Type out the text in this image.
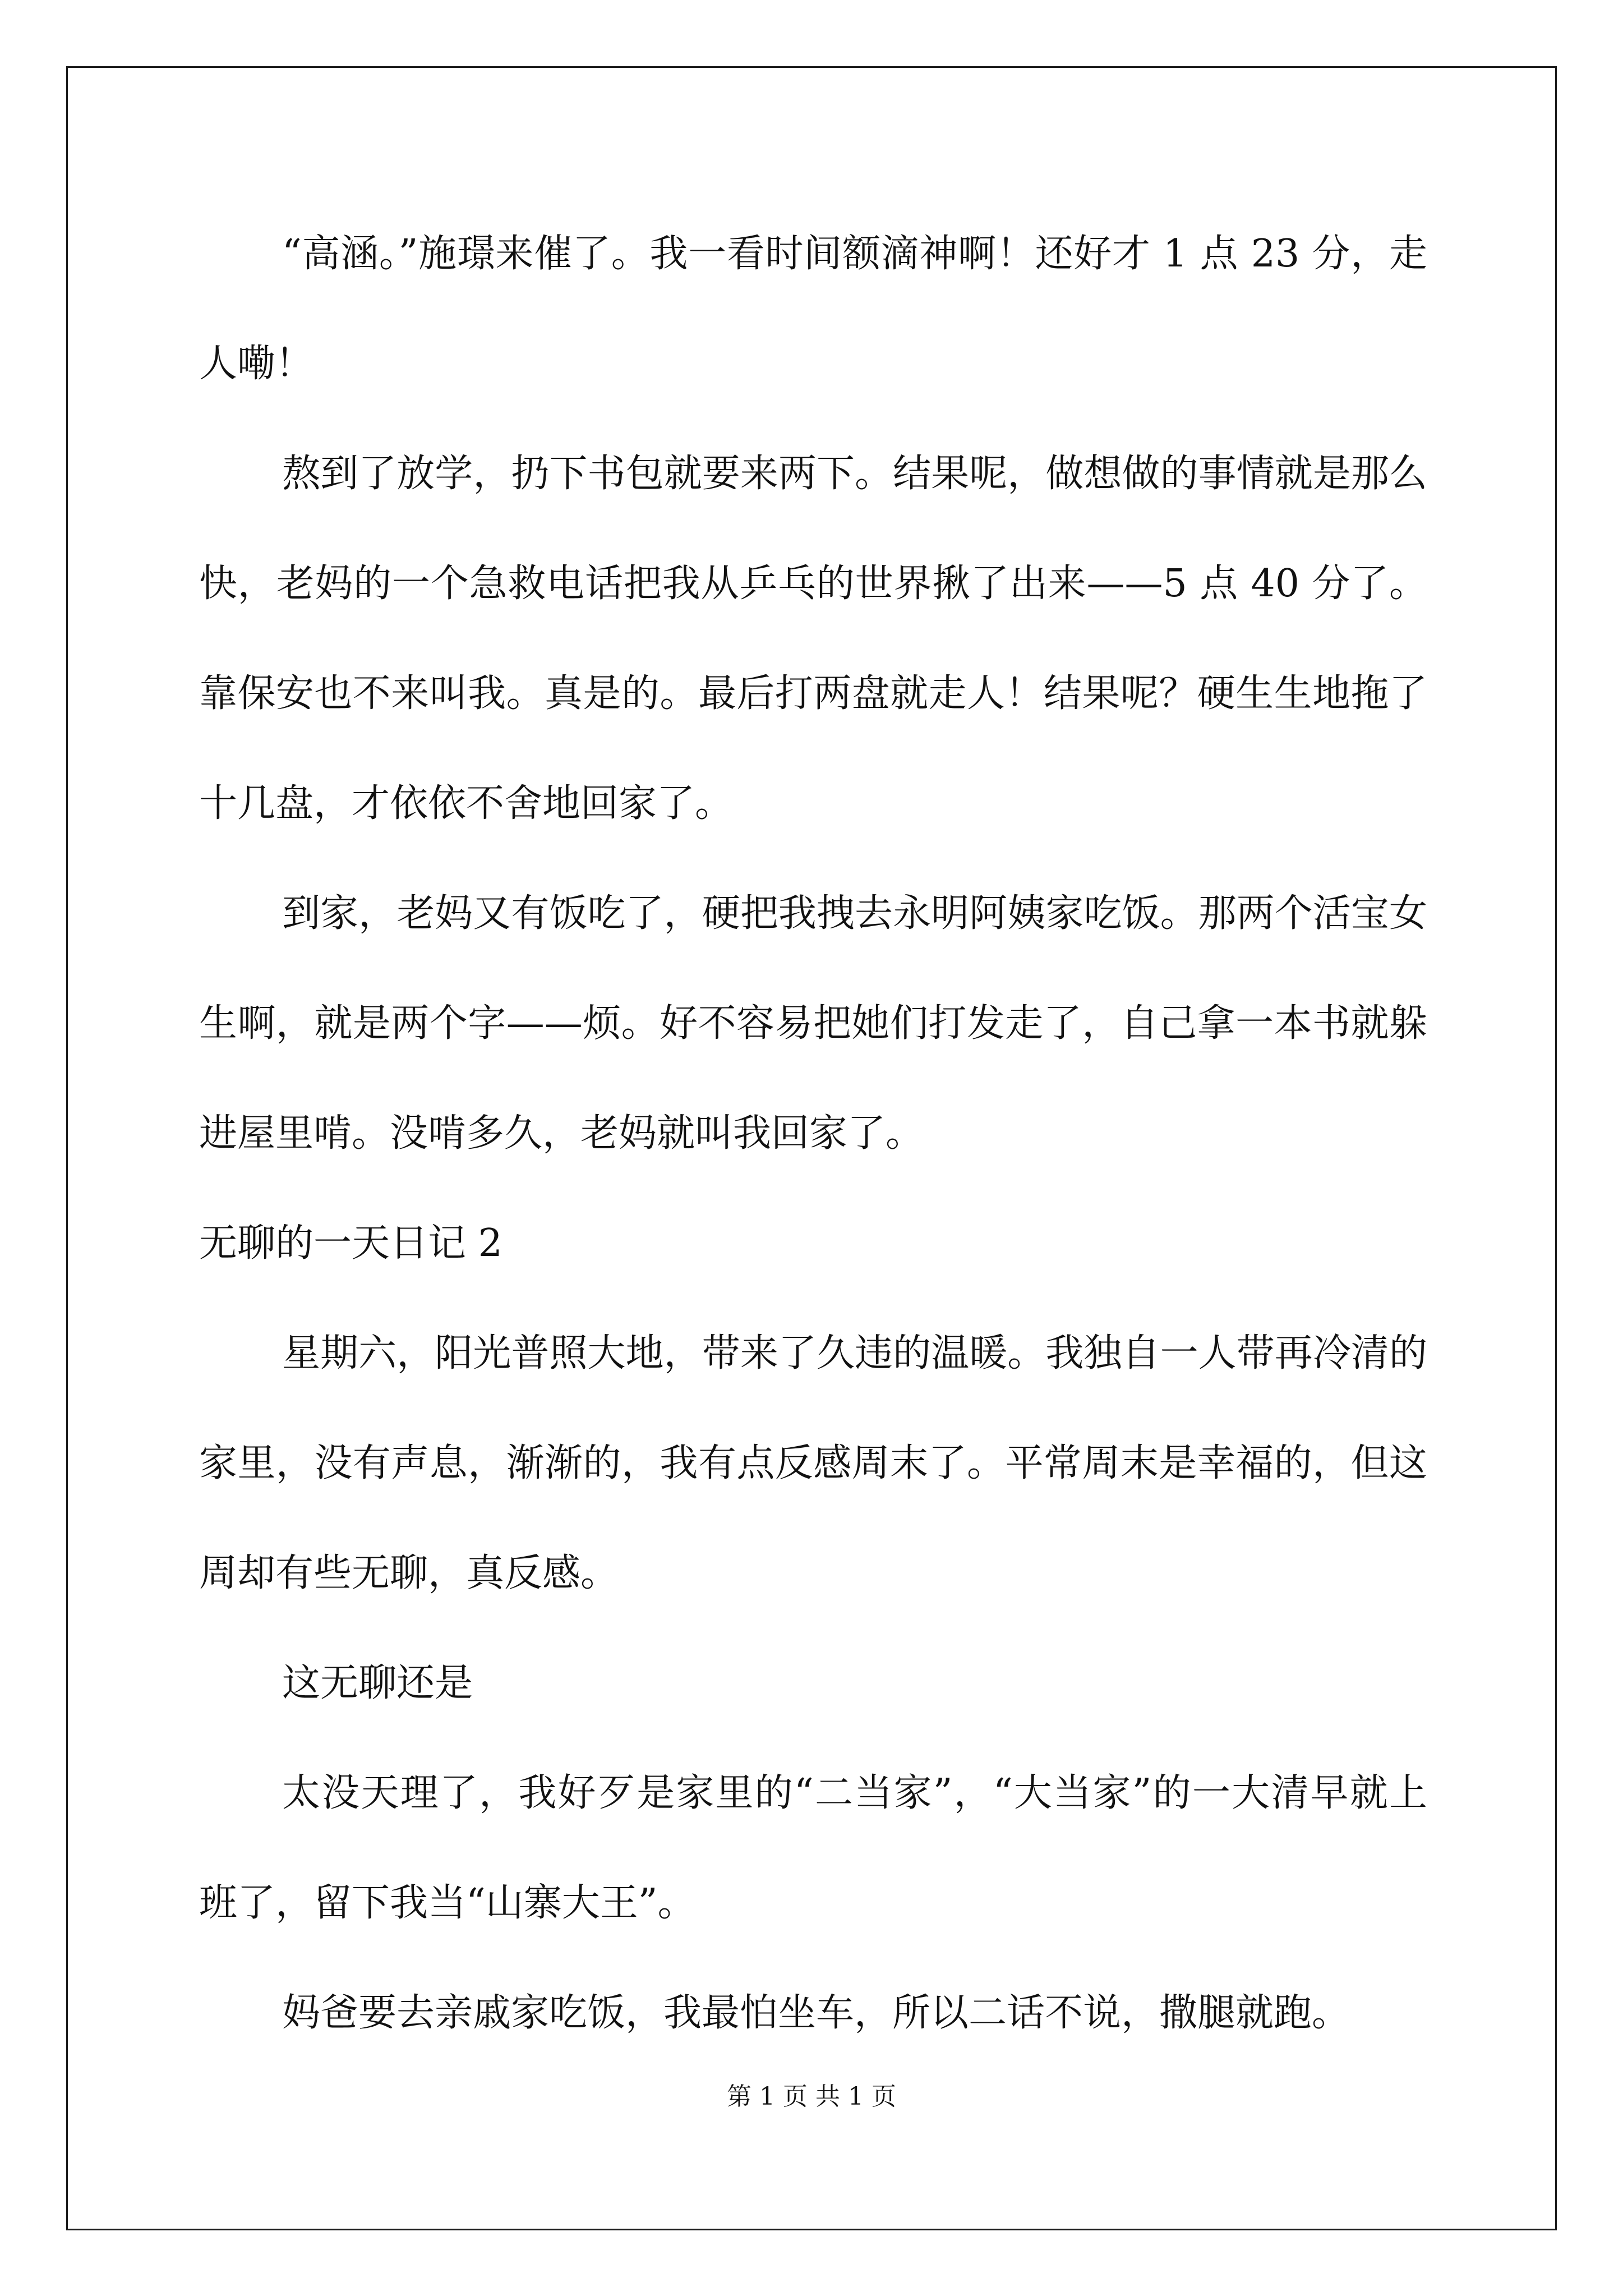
“高涵。”施璟来催了。我一看时间额滴神啊！还好才 1 点 23 分，走人嘞！

熬到了放学，扔下书包就要来两下。结果呢，做想做的事情就是那么快，老妈的一个急救电话把我从乒乓的世界揪了出来——5 点 40 分了。靠保安也不来叫我。真是的。最后打两盘就走人！结果呢？硬生生地拖了十几盘，才依依不舍地回家了。

到家，老妈又有饭吃了，硬把我拽去永明阿姨家吃饭。那两个活宝女生啊，就是两个字——烦。好不容易把她们打发走了，自己拿一本书就躲进屋里啃。没啃多久，老妈就叫我回家了。

无聊的一天日记 2

星期六，阳光普照大地，带来了久违的温暖。我独自一人带再冷清的家里，没有声息，渐渐的，我有点反感周末了。平常周末是幸福的，但这周却有些无聊，真反感。

这无聊还是

太没天理了，我好歹是家里的“二当家”，“大当家”的一大清早就上班了，留下我当“山寨大王”。

妈爸要去亲戚家吃饭，我最怕坐车，所以二话不说，撒腿就跑。

第 1 页 共 1 页
